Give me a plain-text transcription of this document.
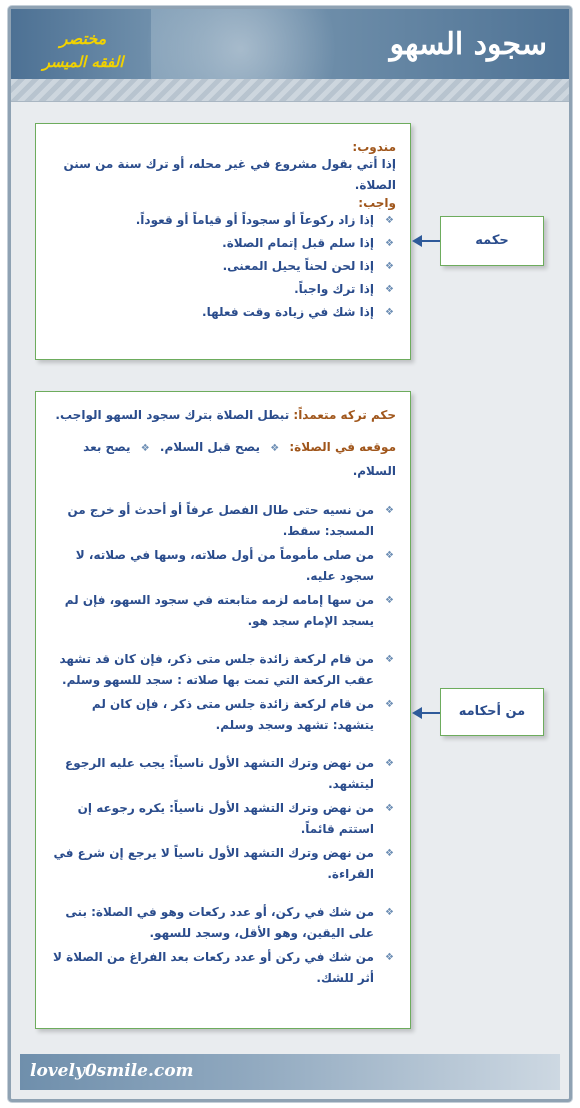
سجود السهو
مختصر
الفقه الميسر
مندوب:
إذا أتي بقول مشروع في غير محله، أو ترك سنة من سنن الصلاة.
واجب:
❖ إذا زاد ركوعاً أو سجوداً أو قياماً أو قعوداً.
❖ إذا سلم قبل إتمام الصلاة.
❖ إذا لحن لحناً يحيل المعنى.
❖ إذا ترك واجباً.
❖ إذا شك في زيادة وقت فعلها.
حكمه
حكم تركه متعمداً: تبطل الصلاة بترك سجود السهو الواجب.
موقعه في الصلاة: ❖ يصح قبل السلام. ❖ يصح بعد السلام.
❖ من نسيه حتى طال الفصل عرفاً أو أحدث أو خرج من المسجد: سقط.
❖ من صلى مأموماً من أول صلاته، وسها في صلاته، لا سجود عليه.
❖ من سها إمامه لزمه متابعته في سجود السهو، فإن لم يسجد الإمام سجد هو.
❖ من قام لركعة زائدة جلس متى ذكر، فإن كان قد تشهد عقب الركعة التي تمت بها صلاته : سجد للسهو وسلم.
❖ من قام لركعة زائدة جلس متى ذكر ، فإن كان لم يتشهد: تشهد وسجد وسلم.
❖ من نهض وترك التشهد الأول ناسياً: يجب عليه الرجوع ليتشهد.
❖ من نهض وترك التشهد الأول ناسياً: يكره رجوعه إن استتم قائماً.
❖ من نهض وترك التشهد الأول ناسياً لا يرجع إن شرع في القراءة.
❖ من شك في ركن، أو عدد ركعات وهو في الصلاة: بنى على اليقين، وهو الأقل، وسجد للسهو.
❖ من شك في ركن أو عدد ركعات بعد الفراغ من الصلاة لا أثر للشك.
من أحكامه
lovely0smile.com
